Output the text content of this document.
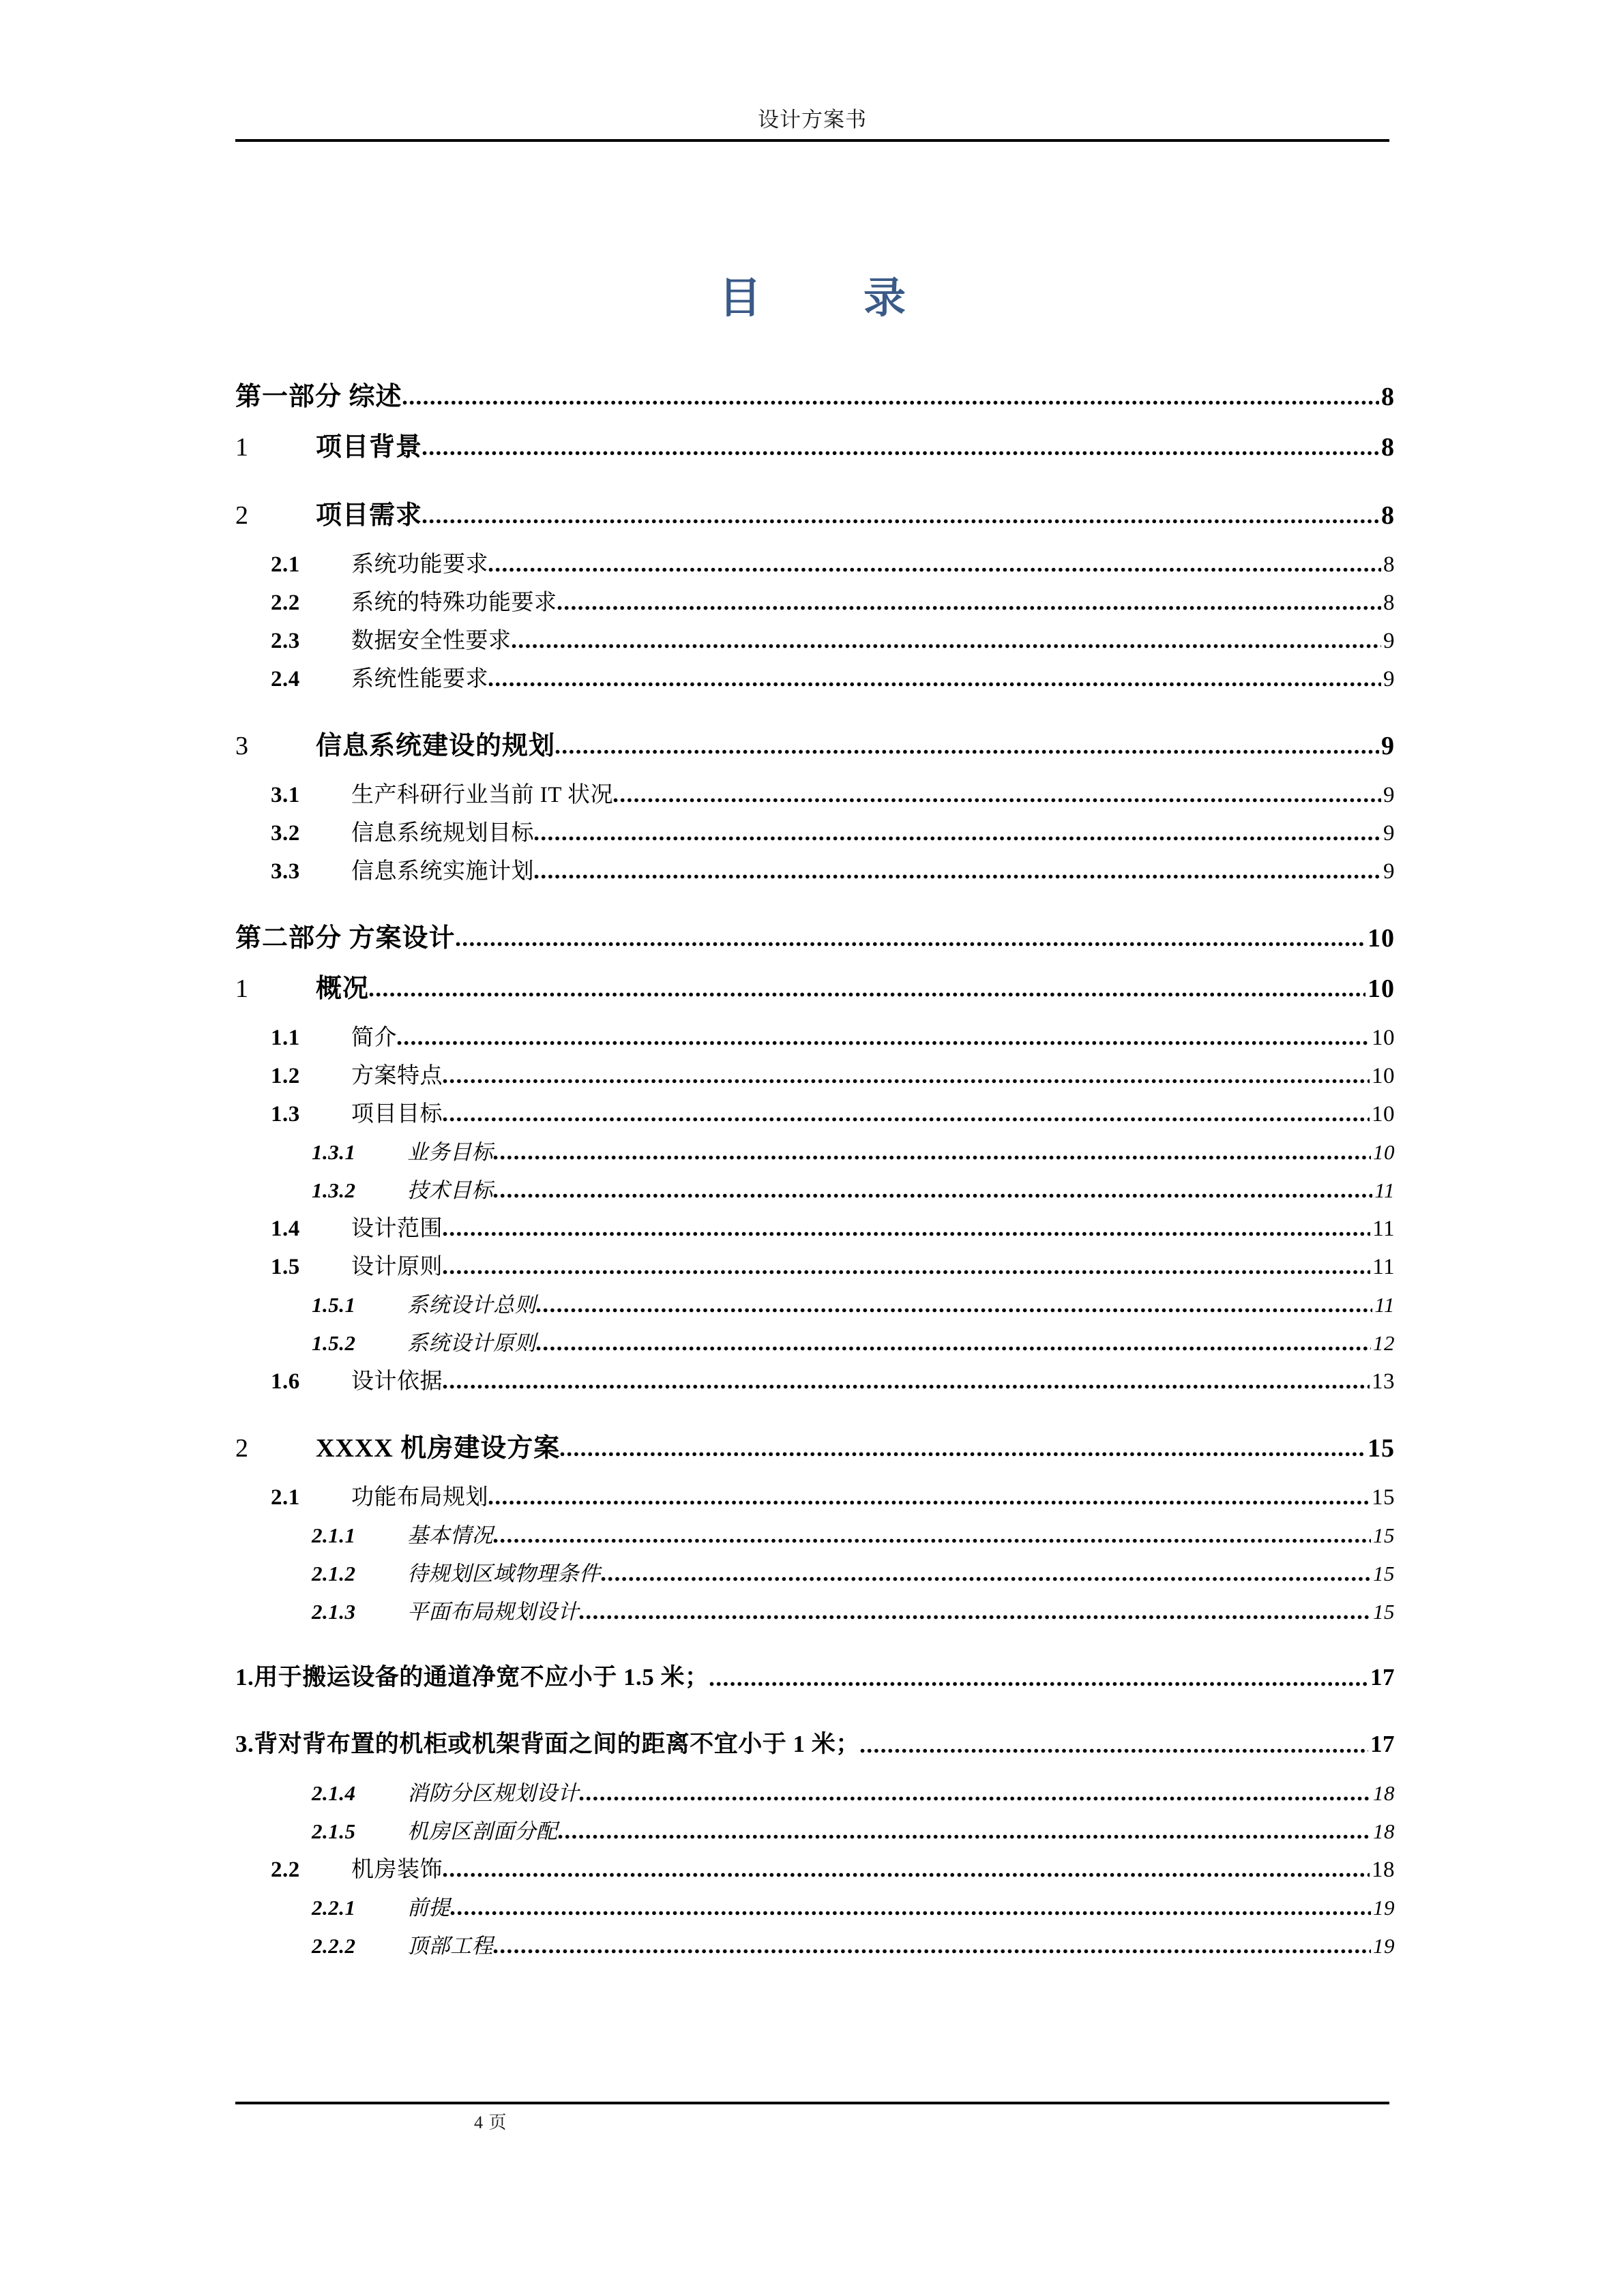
设计方案书
目 录
第一部分 综述	8
1	项目背景	8
2	项目需求	8
2.1	系统功能要求	8
2.2	系统的特殊功能要求	8
2.3	数据安全性要求	9
2.4	系统性能要求	9
3	信息系统建设的规划	9
3.1	生产科研行业当前 IT 状况	9
3.2	信息系统规划目标	9
3.3	信息系统实施计划	9
第二部分 方案设计	10
1	概况	10
1.1	简介	10
1.2	方案特点	10
1.3	项目目标	10
1.3.1	业务目标	10
1.3.2	技术目标	11
1.4	设计范围	11
1.5	设计原则	11
1.5.1	系统设计总则	11
1.5.2	系统设计原则	12
1.6	设计依据	13
2	XXXX 机房建设方案	15
2.1	功能布局规划	15
2.1.1	基本情况	15
2.1.2	待规划区域物理条件	15
2.1.3	平面布局规划设计	15
1.用于搬运设备的通道净宽不应小于 1.5 米；	17
3.背对背布置的机柜或机架背面之间的距离不宜小于 1 米；	17
2.1.4	消防分区规划设计	18
2.1.5	机房区剖面分配	18
2.2	机房装饰	18
2.2.1	前提	19
2.2.2	顶部工程	19
4 页
